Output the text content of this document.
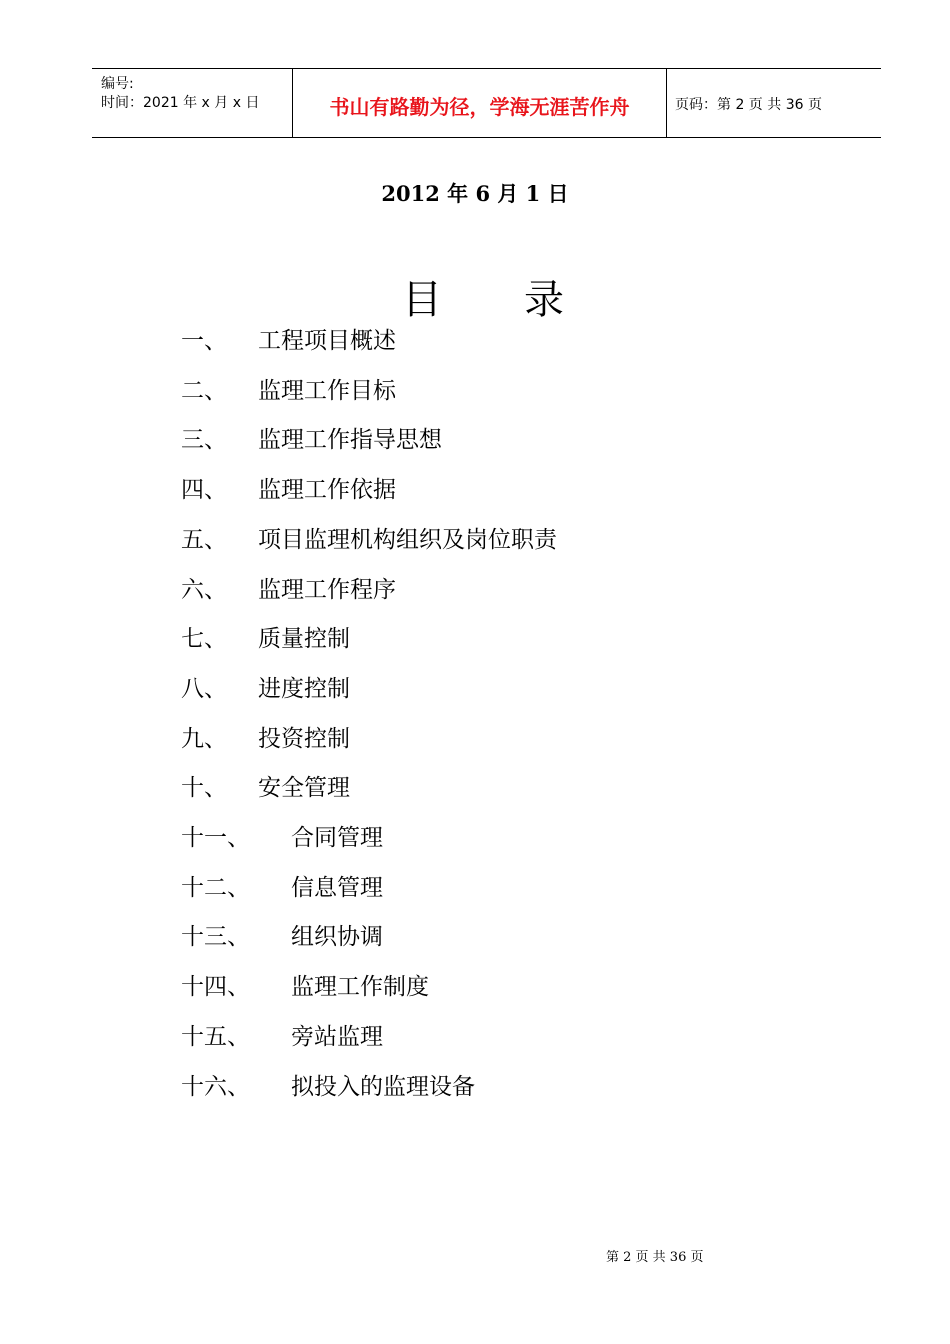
编号:
时间：2021 年 x 月 x 日	书山有路勤为径，学海无涯苦作舟	页码：第 2 页 共 36 页
2012 年 6 月 1 日
目 录
一、 工程项目概述
二、 监理工作目标
三、 监理工作指导思想
四、 监理工作依据
五、 项目监理机构组织及岗位职责
六、 监理工作程序
七、 质量控制
八、 进度控制
九、 投资控制
十、 安全管理
十一、 合同管理
十二、 信息管理
十三、 组织协调
十四、 监理工作制度
十五、 旁站监理
十六、 拟投入的监理设备
第 2 页 共 36 页
